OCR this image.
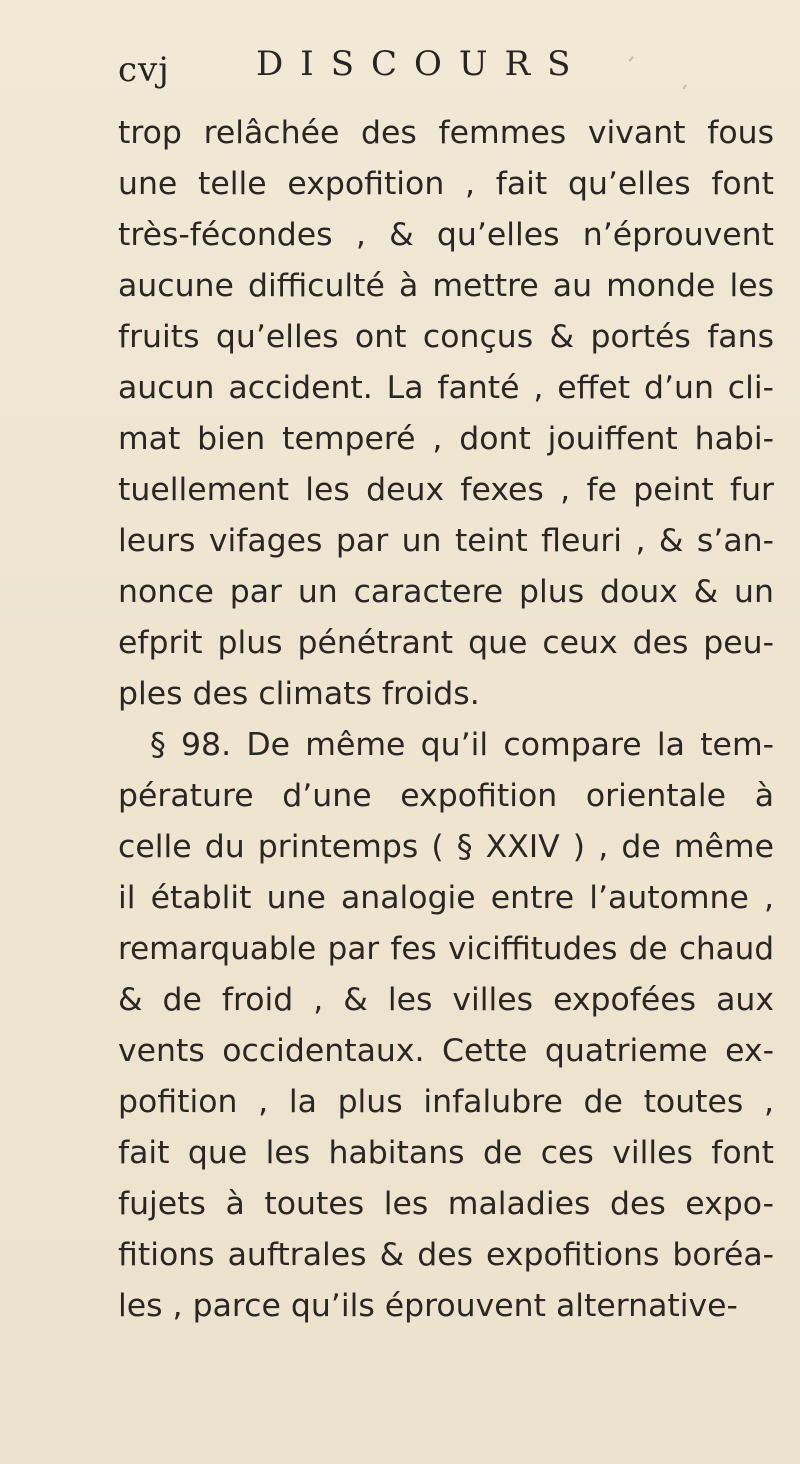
cvj	DISCOURS
trop relâchée des femmes vivant fous
une telle expofition , fait qu’elles font
très-fécondes , & qu’elles n’éprouvent
aucune difficulté à mettre au monde les
fruits qu’elles ont conçus & portés fans
aucun accident. La fanté , effet d’un cli-
mat bien temperé , dont jouiffent habi-
tuellement les deux fexes , fe peint fur
leurs vifages par un teint fleuri , & s’an-
nonce par un caractere plus doux & un
efprit plus pénétrant que ceux des peu-
ples des climats froids.
§ 98. De même qu’il compare la tem-
pérature d’une expofition orientale à
celle du printemps ( § XXIV ) , de même
il établit une analogie entre l’automne ,
remarquable par fes viciffitudes de chaud
& de froid , & les villes expofées aux
vents occidentaux. Cette quatrieme ex-
pofition , la plus infalubre de toutes ,
fait que les habitans de ces villes font
fujets à toutes les maladies des expo-
fitions auftrales & des expofitions boréa-
les , parce qu’ils éprouvent alternative-
